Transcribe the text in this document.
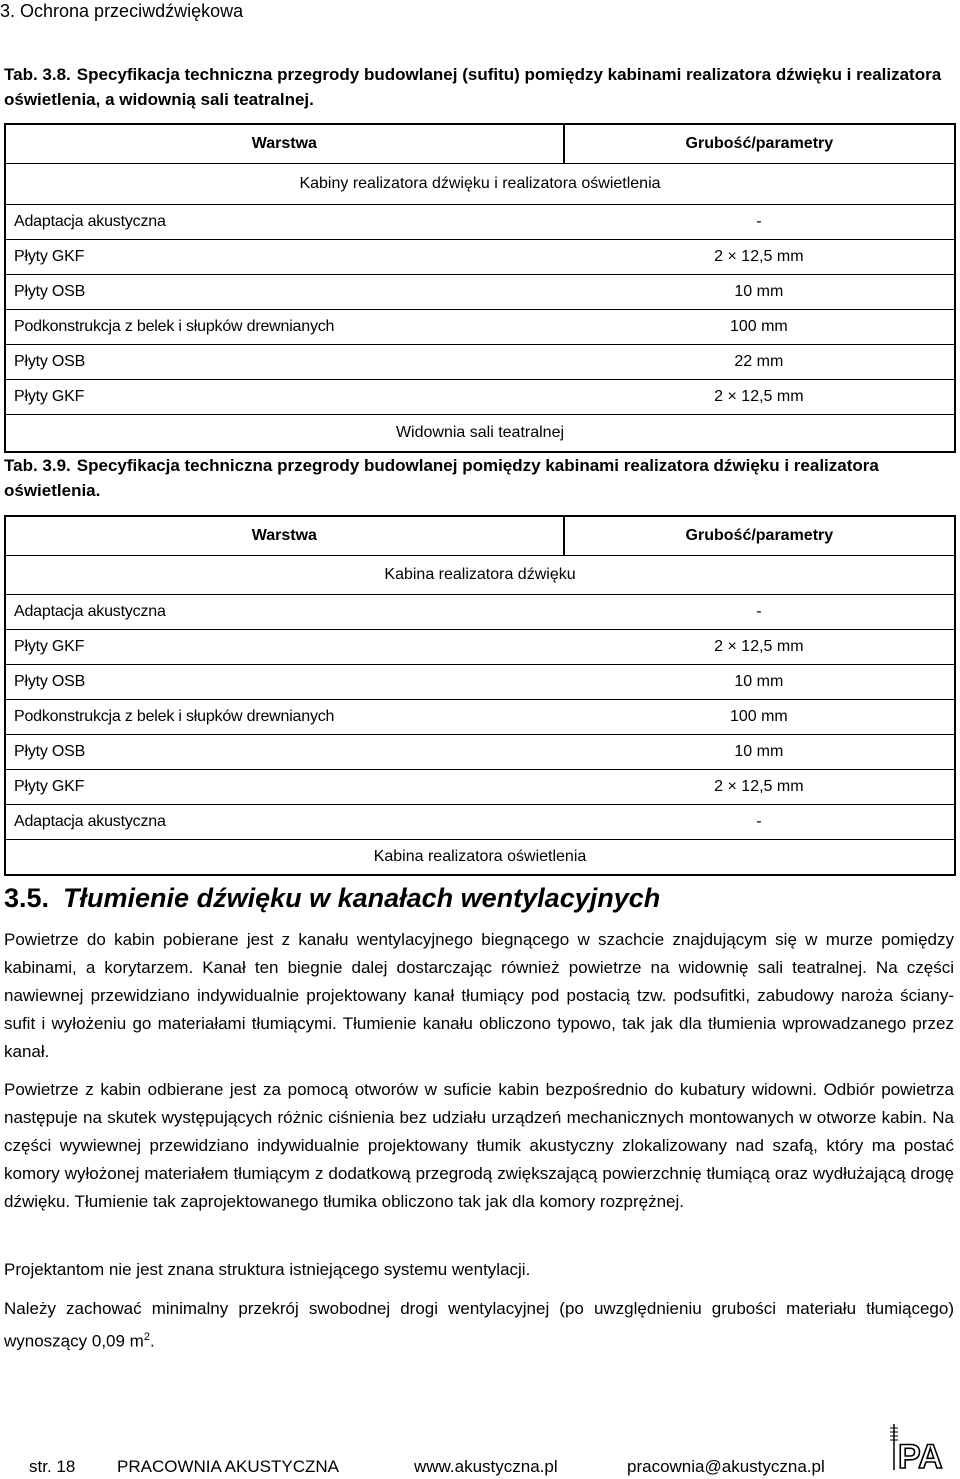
3. Ochrona przeciwdźwiękowa
Tab. 3.8. Specyfikacja techniczna przegrody budowlanej (sufitu) pomiędzy kabinami realizatora dźwięku i realizatora oświetlenia, a widownią sali teatralnej.
Warstwa	Grubość/parametry
Kabiny realizatora dźwięku i realizatora oświetlenia	
Adaptacja akustyczna	-
Płyty GKF	2 × 12,5 mm
Płyty OSB	10 mm
Podkonstrukcja z belek i słupków drewnianych	100 mm
Płyty OSB	22 mm
Płyty GKF	2 × 12,5 mm
Widownia sali teatralnej	
Tab. 3.9. Specyfikacja techniczna przegrody budowlanej pomiędzy kabinami realizatora dźwięku i realizatora oświetlenia.
Warstwa	Grubość/parametry
Kabina realizatora dźwięku	
Adaptacja akustyczna	-
Płyty GKF	2 × 12,5 mm
Płyty OSB	10 mm
Podkonstrukcja z belek i słupków drewnianych	100 mm
Płyty OSB	10 mm
Płyty GKF	2 × 12,5 mm
Adaptacja akustyczna	-
Kabina realizatora oświetlenia	
3.5. Tłumienie dźwięku w kanałach wentylacyjnych

Powietrze do kabin pobierane jest z kanału wentylacyjnego biegnącego w szachcie znajdującym się w murze pomiędzy kabinami, a korytarzem. Kanał ten biegnie dalej dostarczając również powietrze na widownię sali teatralnej. Na części nawiewnej przewidziano indywidualnie projektowany kanał tłumiący pod postacią tzw. podsufitki, zabudowy naroża ściany-sufit i wyłożeniu go materiałami tłumiącymi. Tłumienie kanału obliczono typowo, tak jak dla tłumienia wprowadzanego przez kanał.

Powietrze z kabin odbierane jest za pomocą otworów w suficie kabin bezpośrednio do kubatury widowni. Odbiór powietrza następuje na skutek występujących różnic ciśnienia bez udziału urządzeń mechanicznych montowanych w otworze kabin. Na części wywiewnej przewidziano indywidualnie projektowany tłumik akustyczny zlokalizowany nad szafą, który ma postać komory wyłożonej materiałem tłumiącym z dodatkową przegrodą zwiększającą powierzchnię tłumiącą oraz wydłużającą drogę dźwięku. Tłumienie tak zaprojektowanego tłumika obliczono tak jak dla komory rozprężnej.

Projektantom nie jest znana struktura istniejącego systemu wentylacji.

Należy zachować minimalny przekrój swobodnej drogi wentylacyjnej (po uwzględnieniu grubości materiału tłumiącego) wynoszący 0,09 $m^2$.

str. 18 PRACOWNIA AKUSTYCZNA	www.akustyczna.pl	pracownia@akustyczna.pl PA
